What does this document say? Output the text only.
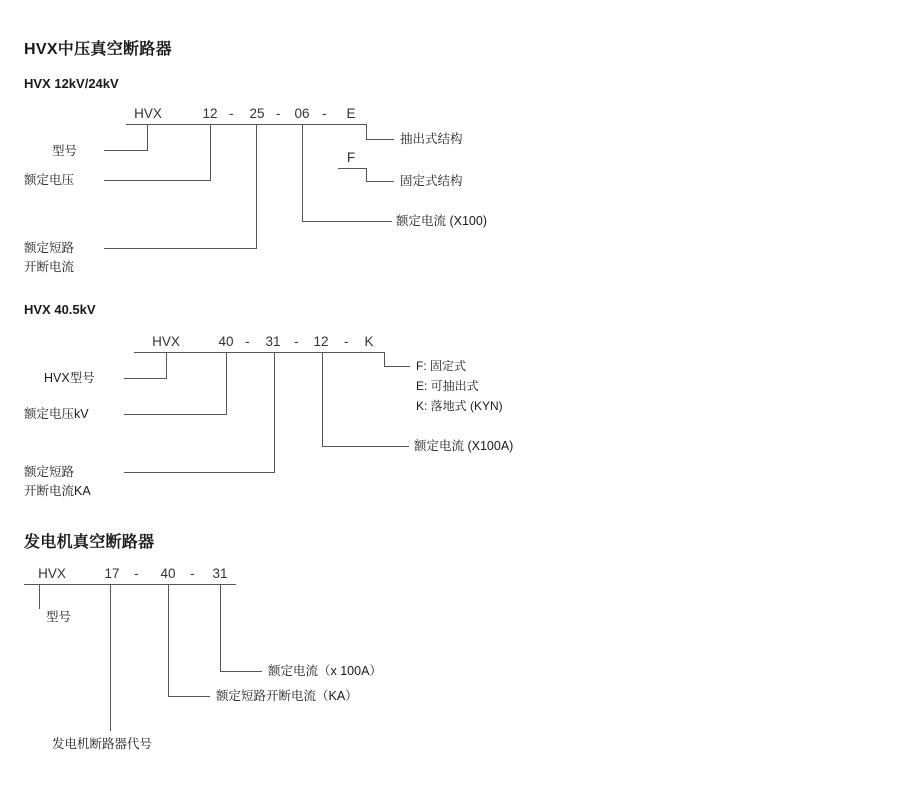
HVX中压真空断路器
HVX 12kV/24kV
HVX	12 -	25 -	06 -	E
F
型号
额定电压
额定短路
开断电流
额定电流 (X100)
抽出式结构
固定式结构
HVX 40.5kV
HVX	40 -	31 -	12	-	K
HVX型号
额定电压kV
额定短路
开断电流KA
额定电流 (X100A)
F: 固定式
E: 可抽出式
K: 落地式 (KYN)
发电机真空断路器
HVX	17	-	40	-	31
型号
发电机断路器代号
额定短路开断电流（KA）
额定电流（x 100A）
